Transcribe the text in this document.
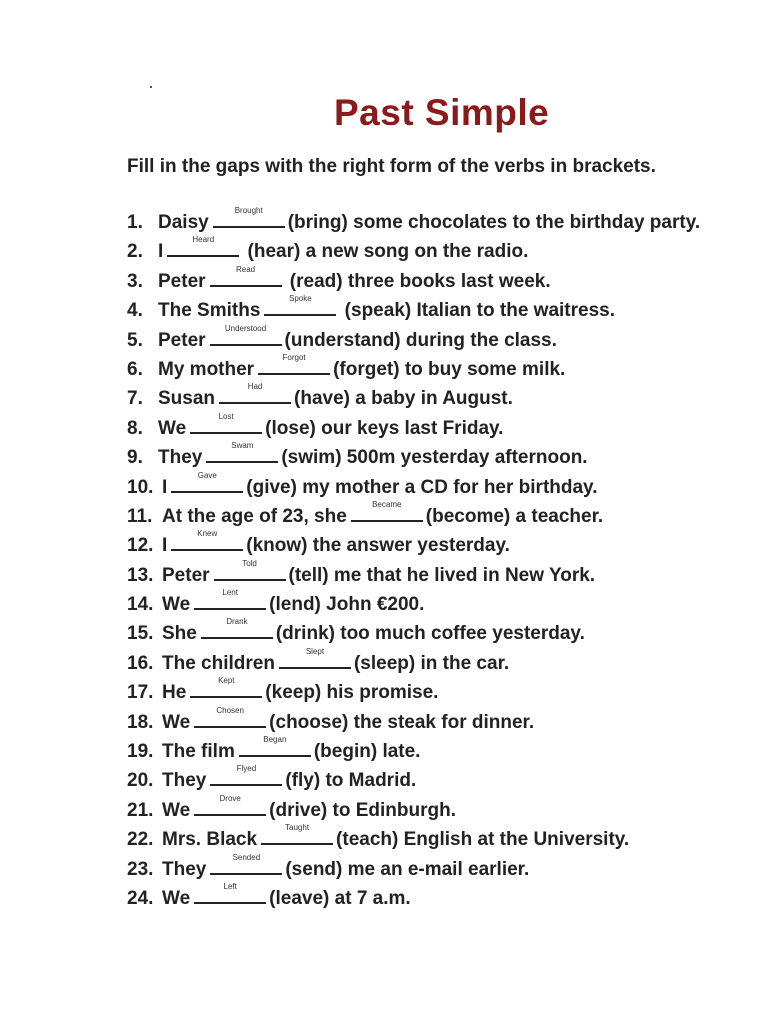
Past Simple

Fill in the gaps with the right form of the verbs in brackets.

1. Daisy
Brought
(bring) some chocolates to the birthday party.
2. I
Heard
(hear) a new song on the radio.
3. Peter
Read
(read) three books last week.
4. The Smiths
Spoke
(speak) Italian to the waitress.
5. Peter
Understood
(understand) during the class.
6. My mother
Forgot
(forget) to buy some milk.
7. Susan
Had
(have) a baby in August.
8. We
Lost
(lose) our keys last Friday.
9. They
Swam
(swim) 500m yesterday afternoon.
10. I
Gave
(give) my mother a CD for her birthday.
11. At the age of 23, she
Became
(become) a teacher.
12. I
Knew
(know) the answer yesterday.
13. Peter
Told
(tell) me that he lived in New York.
14. We
Lent
(lend) John €200.
15. She
Drank
(drink) too much coffee yesterday.
16. The children
Slept
(sleep) in the car.
17. He
Kept
(keep) his promise.
18. We
Chosen
(choose) the steak for dinner.
19. The film
Began
(begin) late.
20. They
Flyed
(fly) to Madrid.
21. We
Drove
(drive) to Edinburgh.
22. Mrs. Black
Taught
(teach) English at the University.
23. They
Sended
(send) me an e-mail earlier.
24. We
Left
(leave) at 7 a.m.
